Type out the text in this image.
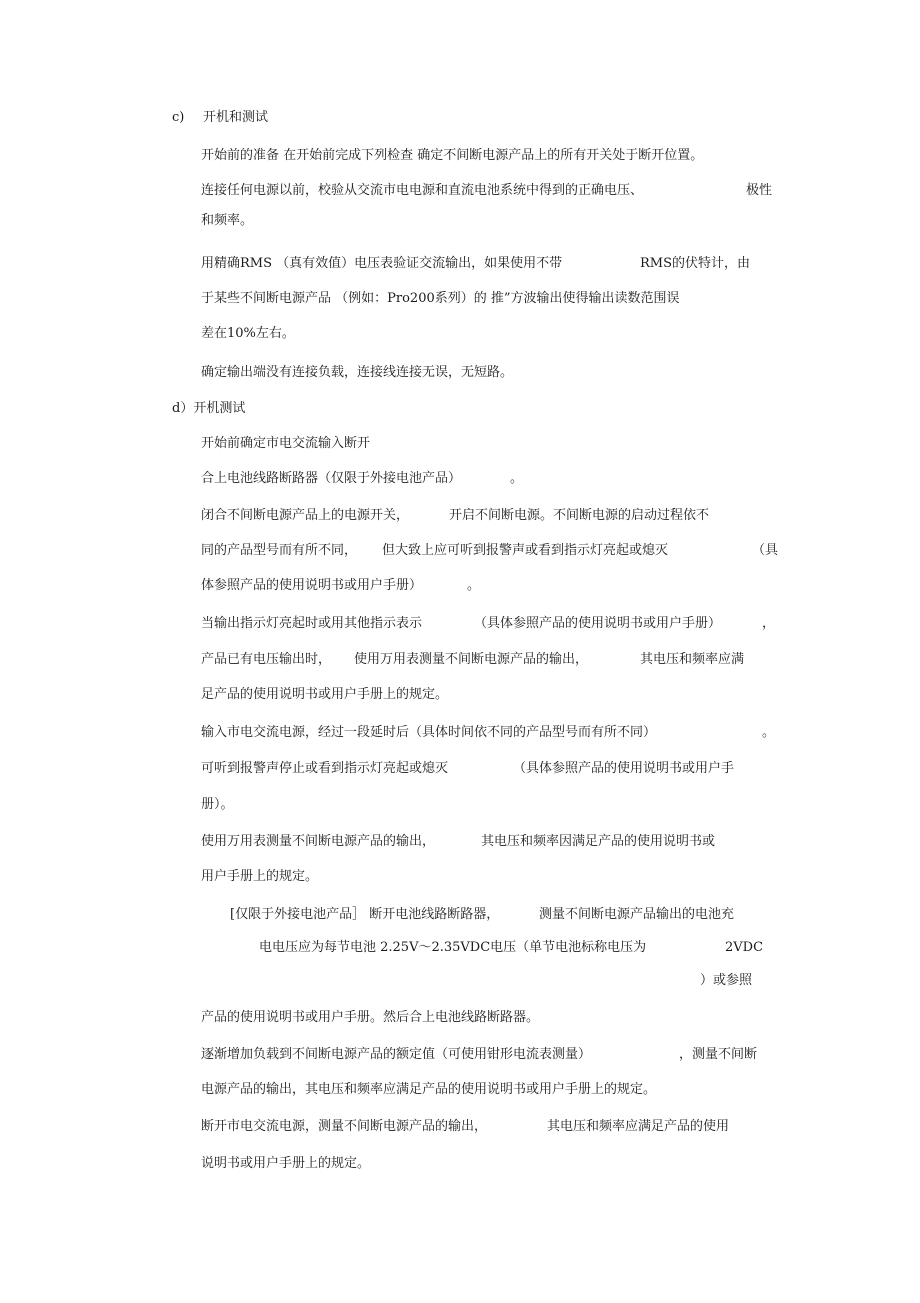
c) 开机和测试
开始前的准备 在开始前完成下列检查 确定不间断电源产品上的所有开关处于断开位置。
连接任何电源以前，校验从交流市电电源和直流电池系统中得到的正确电压、	极性
和频率。
用精确RMS （真有效值）电压表验证交流输出，如果使用不带	RMS的伏特计，由
于某些不间断电源产品 （例如：Pro200系列）的 推”方波输出使得输出读数范围误
差在10%左右。
确定输出端没有连接负载，连接线连接无误，无短路。
d）开机测试
开始前确定市电交流输入断开
合上电池线路断路器（仅限于外接电池产品）	。
闭合不间断电源产品上的电源开关，	开启不间断电源。不间断电源的启动过程依不
同的产品型号而有所不同， 但大致上应可听到报警声或看到指示灯亮起或熄灭	（具
体参照产品的使用说明书或用户手册）	。
当输出指示灯亮起时或用其他指示表示	（具体参照产品的使用说明书或用户手册）	，
产品已有电压输出时， 使用万用表测量不间断电源产品的输出，	其电压和频率应满
足产品的使用说明书或用户手册上的规定。
输入市电交流电源，经过一段延时后（具体时间依不同的产品型号而有所不同）	。
可听到报警声停止或看到指示灯亮起或熄灭	（具体参照产品的使用说明书或用户手
册）。
使用万用表测量不间断电源产品的输出，	其电压和频率因满足产品的使用说明书或
用户手册上的规定。
[仅限于外接电池产品］ 断开电池线路断路器，	测量不间断电源产品输出的电池充
电电压应为每节电池 2.25V～2.35VDC电压（单节电池标称电压为	2VDC
）或参照
产品的使用说明书或用户手册。然后合上电池线路断路器。
逐渐增加负载到不间断电源产品的额定值（可使用钳形电流表测量）	，测量不间断
电源产品的输出，其电压和频率应满足产品的使用说明书或用户手册上的规定。
断开市电交流电源，测量不间断电源产品的输出，	其电压和频率应满足产品的使用
说明书或用户手册上的规定。
